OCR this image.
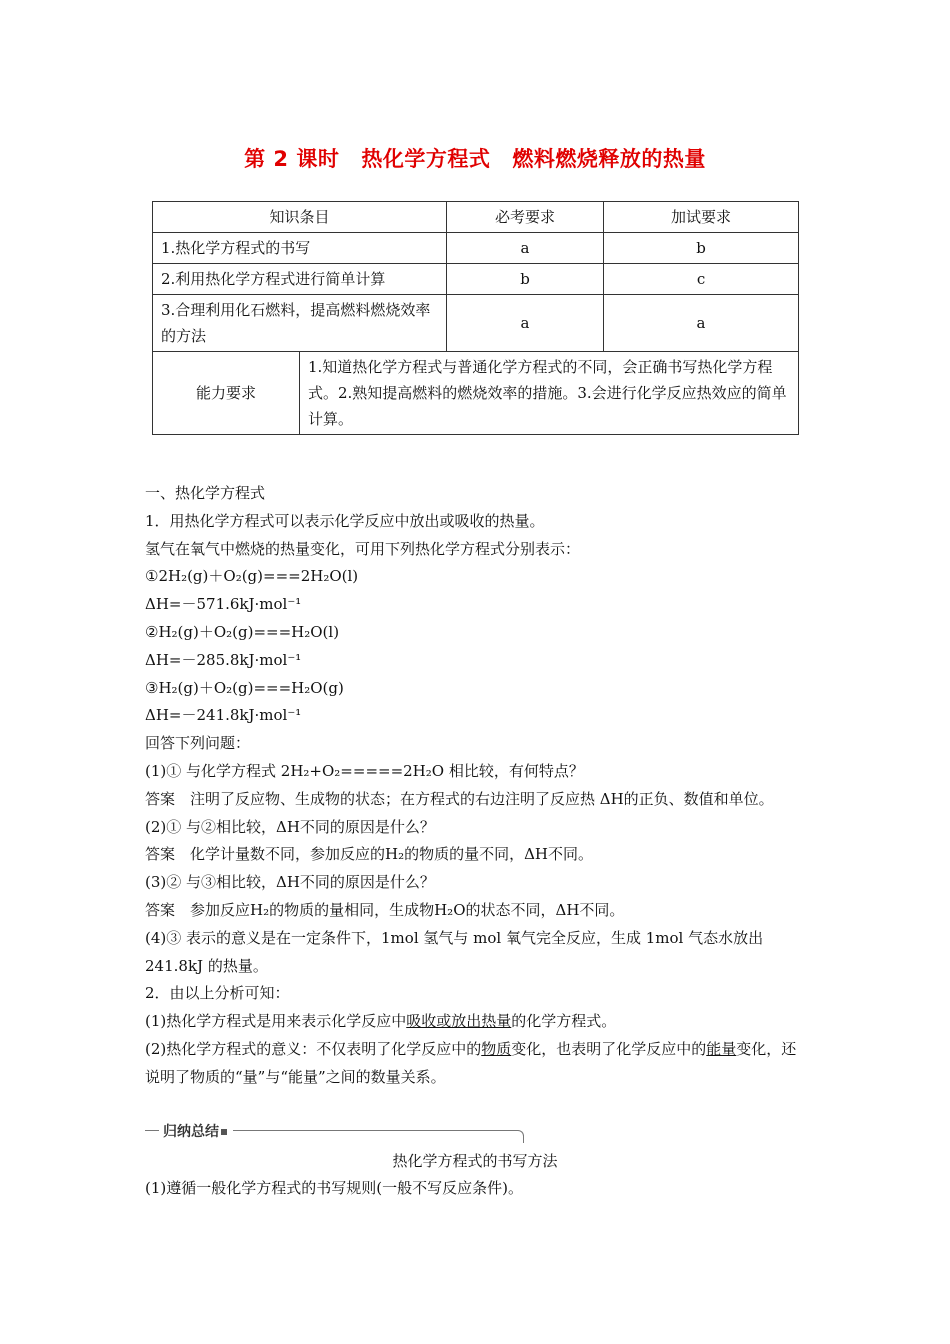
第 2 课时 热化学方程式 燃料燃烧释放的热量
知识条目		必考要求	加试要求
1.热化学方程式的书写		a	b
2.利用热化学方程式进行简单计算		b	c
3.合理利用化石燃料，提高燃料燃烧效率的方法		a	a
能力要求	1.知道热化学方程式与普通化学方程式的不同，会正确书写热化学方程式。2.熟知提高燃料的燃烧效率的措施。3.会进行化学反应热效应的简单计算。		

一、热化学方程式

1．用热化学方程式可以表示化学反应中放出或吸收的热量。

氢气在氧气中燃烧的热量变化，可用下列热化学方程式分别表示：

①2H₂(g)＋O₂(g)===2H₂O(l)

ΔH=－571.6kJ·mol⁻¹

②H₂(g)＋O₂(g)===H₂O(l)

ΔH=－285.8kJ·mol⁻¹

③H₂(g)＋O₂(g)===H₂O(g)

ΔH=－241.8kJ·mol⁻¹

回答下列问题：

(1)① 与化学方程式 2H₂+O₂=====2H₂O 相比较，有何特点？

答案　注明了反应物、生成物的状态；在方程式的右边注明了反应热 ΔH的正负、数值和单位。

(2)① 与②相比较，ΔH不同的原因是什么？

答案　化学计量数不同，参加反应的H₂的物质的量不同，ΔH不同。

(3)② 与③相比较，ΔH不同的原因是什么？

答案　参加反应H₂的物质的量相同，生成物H₂O的状态不同，ΔH不同。

(4)③ 表示的意义是在一定条件下，1mol 氢气与 mol 氧气完全反应，生成 1mol 气态水放出241.8kJ 的热量。

2．由以上分析可知：

(1)热化学方程式是用来表示化学反应中吸收或放出热量的化学方程式。

(2)热化学方程式的意义：不仅表明了化学反应中的物质变化，也表明了化学反应中的能量变化，还说明了物质的“量”与“能量”之间的数量关系。

归纳总结
热化学方程式的书写方法
(1)遵循一般化学方程式的书写规则(一般不写反应条件)。
